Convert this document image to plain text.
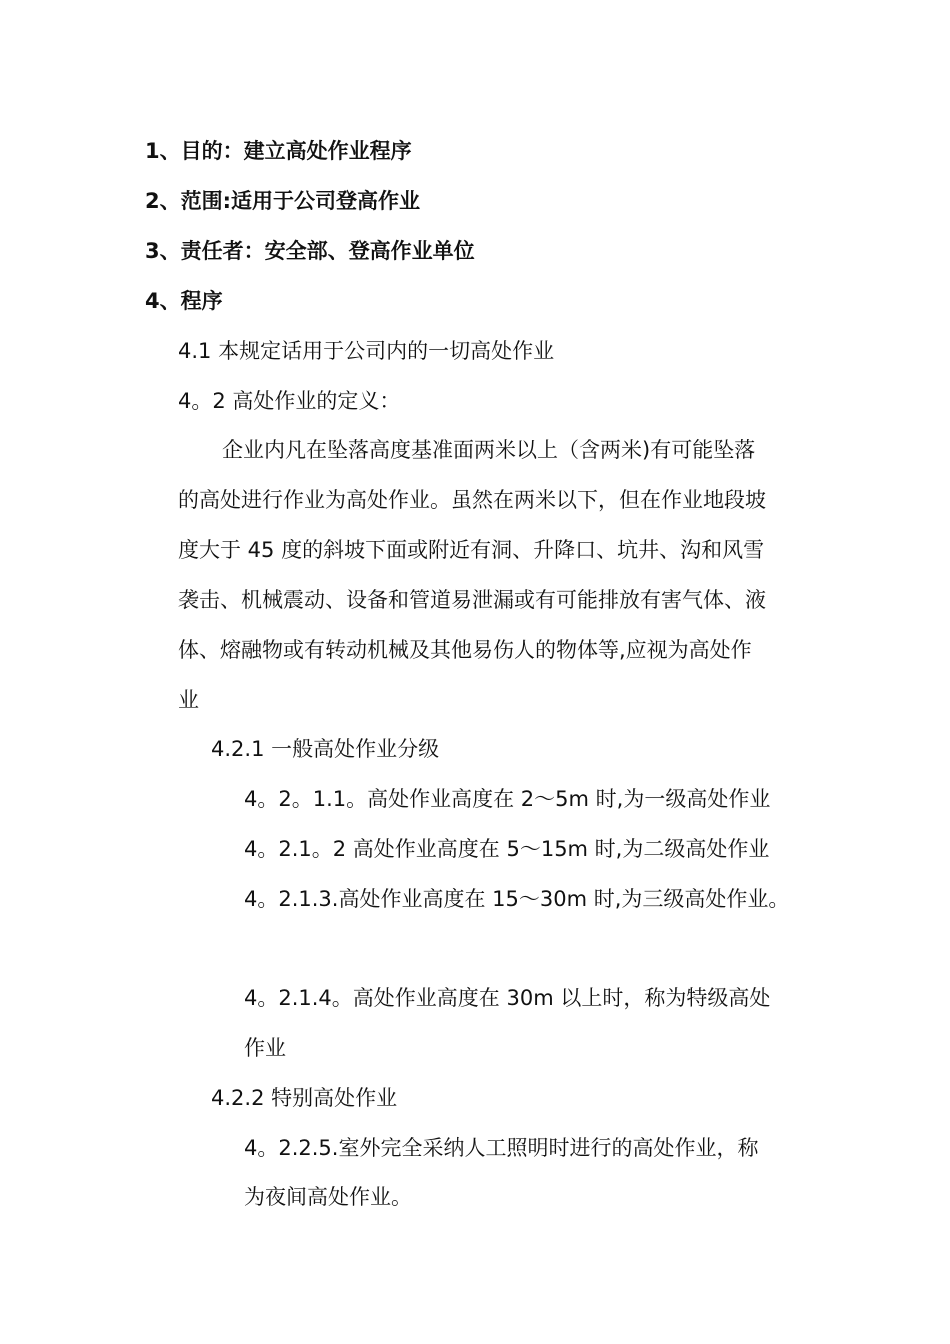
1、目的：建立高处作业程序
2、范围:适用于公司登高作业
3、责任者：安全部、登高作业单位
4、程序
4.1 本规定话用于公司内的一切高处作业
4。2 高处作业的定义：
企业内凡在坠落高度基准面两米以上（含两米)有可能坠落
的高处进行作业为高处作业。虽然在两米以下，但在作业地段坡
度大于 45 度的斜坡下面或附近有洞、升降口、坑井、沟和风雪
袭击、机械震动、设备和管道易泄漏或有可能排放有害气体、液
体、熔融物或有转动机械及其他易伤人的物体等,应视为高处作
业
4.2.1 一般高处作业分级
4。2。1.1。高处作业高度在 2～5m 时,为一级高处作业
4。2.1。2 高处作业高度在 5～15m 时,为二级高处作业
4。2.1.3.高处作业高度在 15～30m 时,为三级高处作业。
4。2.1.4。高处作业高度在 30m 以上时，称为特级高处
作业
4.2.2 特别高处作业
4。2.2.5.室外完全采纳人工照明时进行的高处作业，称
为夜间高处作业。
